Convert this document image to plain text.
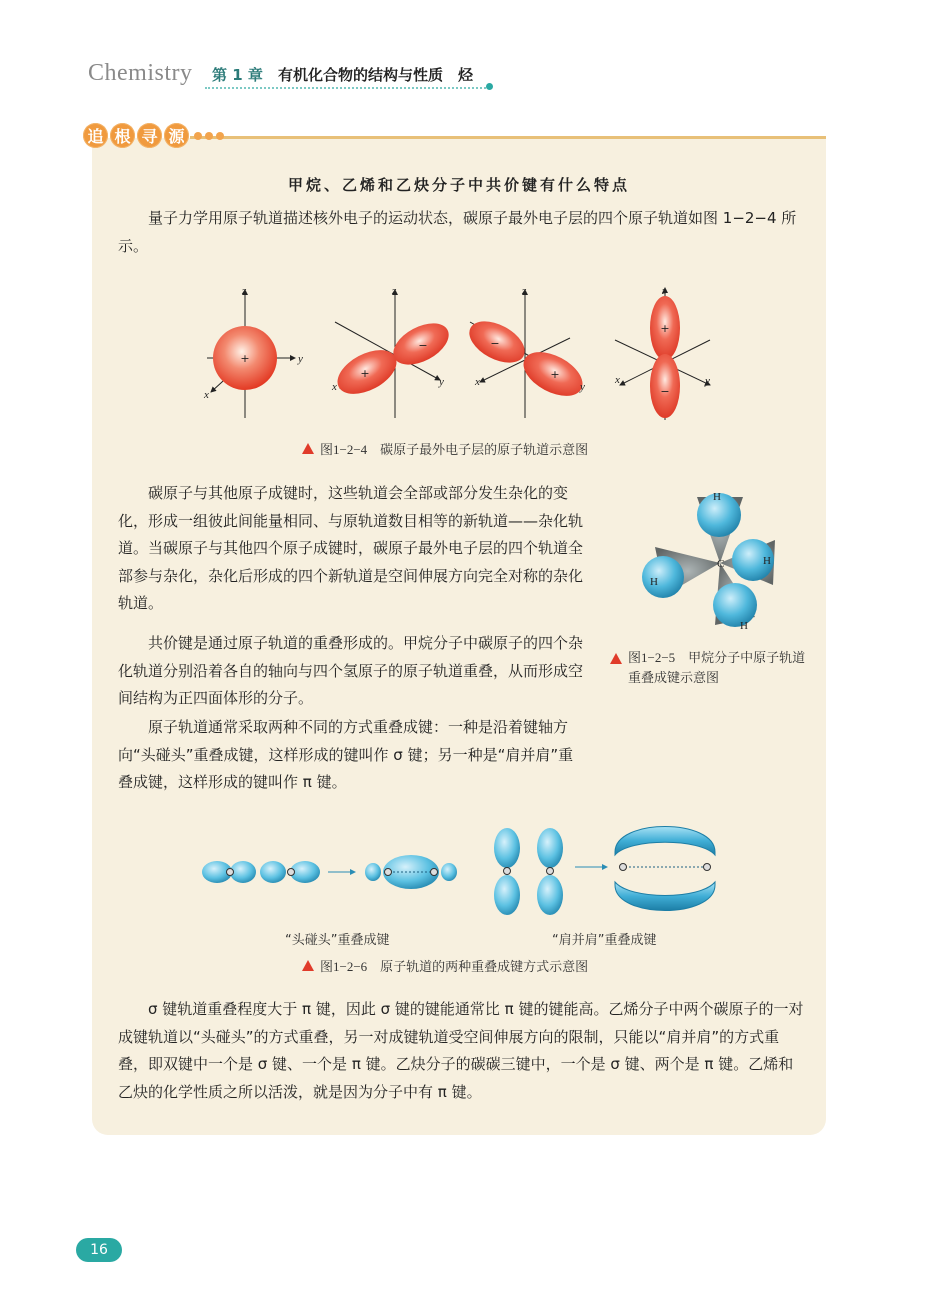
Chemistry 第 1 章 有机化合物的结构与性质　烃
追 根 寻 源
甲烷、乙烯和乙炔分子中共价键有什么特点
量子力学用原子轨道描述核外电子的运动状态，碳原子最外电子层的四个原子轨道如图 1−2−4 所示。
z
y
x
z
y
x
z
y
x
z
y
x
+
+
−	−
+
+
−
图1−2−4　碳原子最外电子层的原子轨道示意图
碳原子与其他原子成键时，这些轨道会全部或部分发生杂化的变化，形成一组彼此间能量相同、与原轨道数目相等的新轨道——杂化轨道。当碳原子与其他四个原子成键时，碳原子最外电子层的四个轨道全部参与杂化，杂化后形成的四个新轨道是空间伸展方向完全对称的杂化轨道。
共价键是通过原子轨道的重叠形成的。甲烷分子中碳原子的四个杂化轨道分别沿着各自的轴向与四个氢原子的原子轨道重叠，从而形成空间结构为正四面体形的分子。
原子轨道通常采取两种不同的方式重叠成键：一种是沿着键轴方向“头碰头”重叠成键，这样形成的键叫作 σ 键；另一种是“肩并肩”重叠成键，这样形成的键叫作 π 键。
H
H
H
H
C
图1−2−5　甲烷分子中原子轨道重叠成键示意图
“头碰头”重叠成键	“肩并肩”重叠成键
图1−2−6　原子轨道的两种重叠成键方式示意图
σ 键轨道重叠程度大于 π 键，因此 σ 键的键能通常比 π 键的键能高。乙烯分子中两个碳原子的一对成键轨道以“头碰头”的方式重叠，另一对成键轨道受空间伸展方向的限制，只能以“肩并肩”的方式重叠，即双键中一个是 σ 键、一个是 π 键。乙炔分子的碳碳三键中，一个是 σ 键、两个是 π 键。乙烯和乙炔的化学性质之所以活泼，就是因为分子中有 π 键。
16
